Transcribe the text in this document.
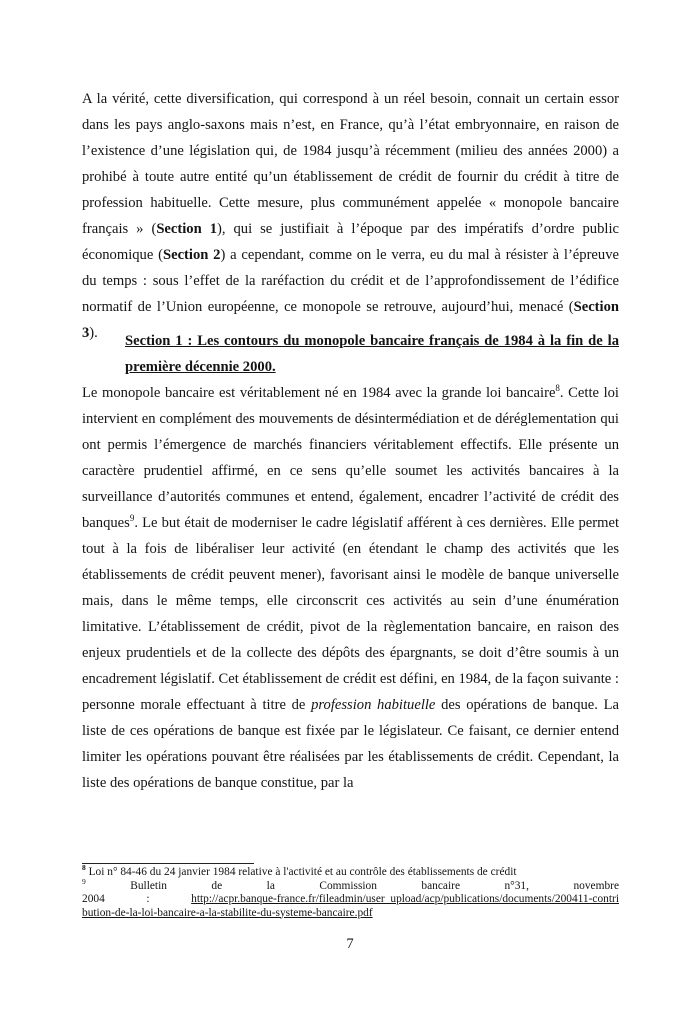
A la vérité, cette diversification, qui correspond à un réel besoin, connait un certain essor dans les pays anglo-saxons mais n’est, en France, qu’à l’état embryonnaire, en raison de l’existence d’une législation qui, de 1984 jusqu’à récemment (milieu des années 2000) a prohibé à toute autre entité qu’un établissement de crédit de fournir du crédit à titre de profession habituelle. Cette mesure, plus communément appelée « monopole bancaire français » (Section 1), qui se justifiait à l’époque par des impératifs d’ordre public économique (Section 2) a cependant, comme on le verra, eu du mal à résister à l’épreuve du temps : sous l’effet de la raréfaction du crédit et de l’approfondissement de l’édifice normatif de l’Union européenne, ce monopole se retrouve, aujourd’hui, menacé (Section 3).	Section 1 : Les contours du monopole bancaire français de 1984 à la fin de la première décennie 2000.

Le monopole bancaire est véritablement né en 1984 avec la grande loi bancaire$^8$. Cette loi intervient en complément des mouvements de désintermédiation et de déréglementation qui ont permis l’émergence de marchés financiers véritablement effectifs. Elle présente un caractère prudentiel affirmé, en ce sens qu’elle soumet les activités bancaires à la surveillance d’autorités communes et entend, également, encadrer l’activité de crédit des banques$^9$. Le but était de moderniser le cadre législatif afférent à ces dernières. Elle permet tout à la fois de libéraliser leur activité (en étendant le champ des activités que les établissements de crédit peuvent mener), favorisant ainsi le modèle de banque universelle mais, dans le même temps, elle circonscrit ces activités au sein d’une énumération limitative. L’établissement de crédit, pivot de la règlementation bancaire, en raison des enjeux prudentiels et de la collecte des dépôts des épargnants, se doit d’être soumis à un encadrement législatif. Cet établissement de crédit est défini, en 1984, de la façon suivante : personne morale effectuant à titre de profession habituelle des opérations de banque. La liste de ces opérations de banque est fixée par le législateur. Ce faisant, ce dernier entend limiter les opérations pouvant être réalisées par les établissements de crédit. Cependant, la liste des opérations de banque constitue, par la

$^8$ Loi n° 84-46 du 24 janvier 1984 relative à l'activité et au contrôle des établissements de crédit

$^9$ Bulletin de la Commission bancaire n°31, novembre 2004 : http://acpr.banque-france.fr/fileadmin/user_upload/acp/publications/documents/200411-contribution-de-la-loi-bancaire-a-la-stabilite-du-systeme-bancaire.pdf

7
